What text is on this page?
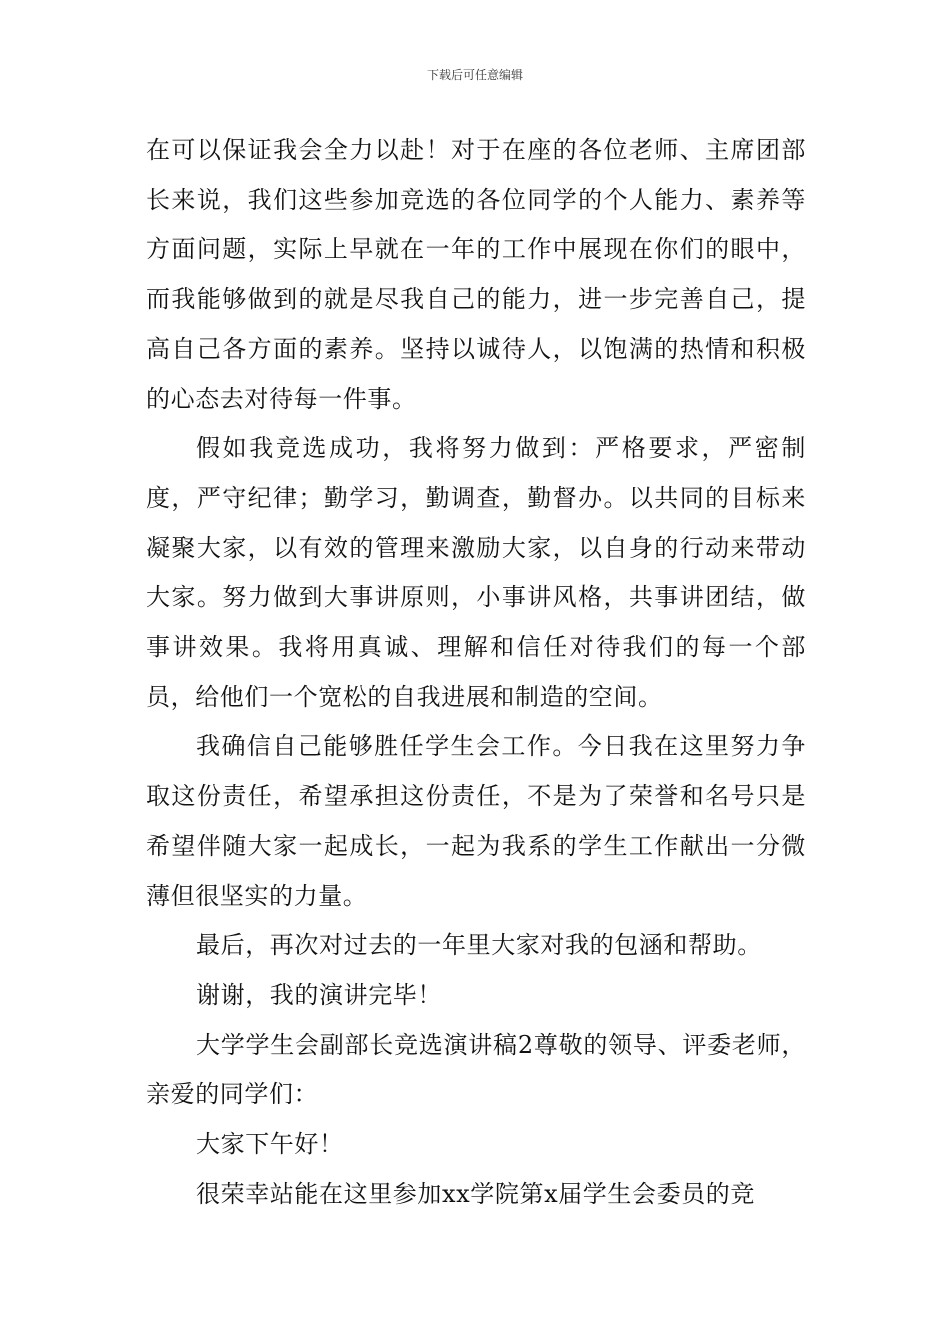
下载后可任意编辑

在可以保证我会全力以赴！对于在座的各位老师、主席团部长来说，我们这些参加竞选的各位同学的个人能力、素养等方面问题，实际上早就在一年的工作中展现在你们的眼中，而我能够做到的就是尽我自己的能力，进一步完善自己，提高自己各方面的素养。坚持以诚待人，以饱满的热情和积极的心态去对待每一件事。

假如我竞选成功，我将努力做到：严格要求，严密制度，严守纪律；勤学习，勤调查，勤督办。以共同的目标来凝聚大家，以有效的管理来激励大家，以自身的行动来带动大家。努力做到大事讲原则，小事讲风格，共事讲团结，做事讲效果。我将用真诚、理解和信任对待我们的每一个部员，给他们一个宽松的自我进展和制造的空间。

我确信自己能够胜任学生会工作。今日我在这里努力争取这份责任，希望承担这份责任，不是为了荣誉和名号只是希望伴随大家一起成长，一起为我系的学生工作献出一分微薄但很坚实的力量。

最后，再次对过去的一年里大家对我的包涵和帮助。

谢谢，我的演讲完毕！

大学学生会副部长竞选演讲稿2尊敬的领导、评委老师，亲爱的同学们：

大家下午好！

很荣幸站能在这里参加xx学院第x届学生会委员的竞
